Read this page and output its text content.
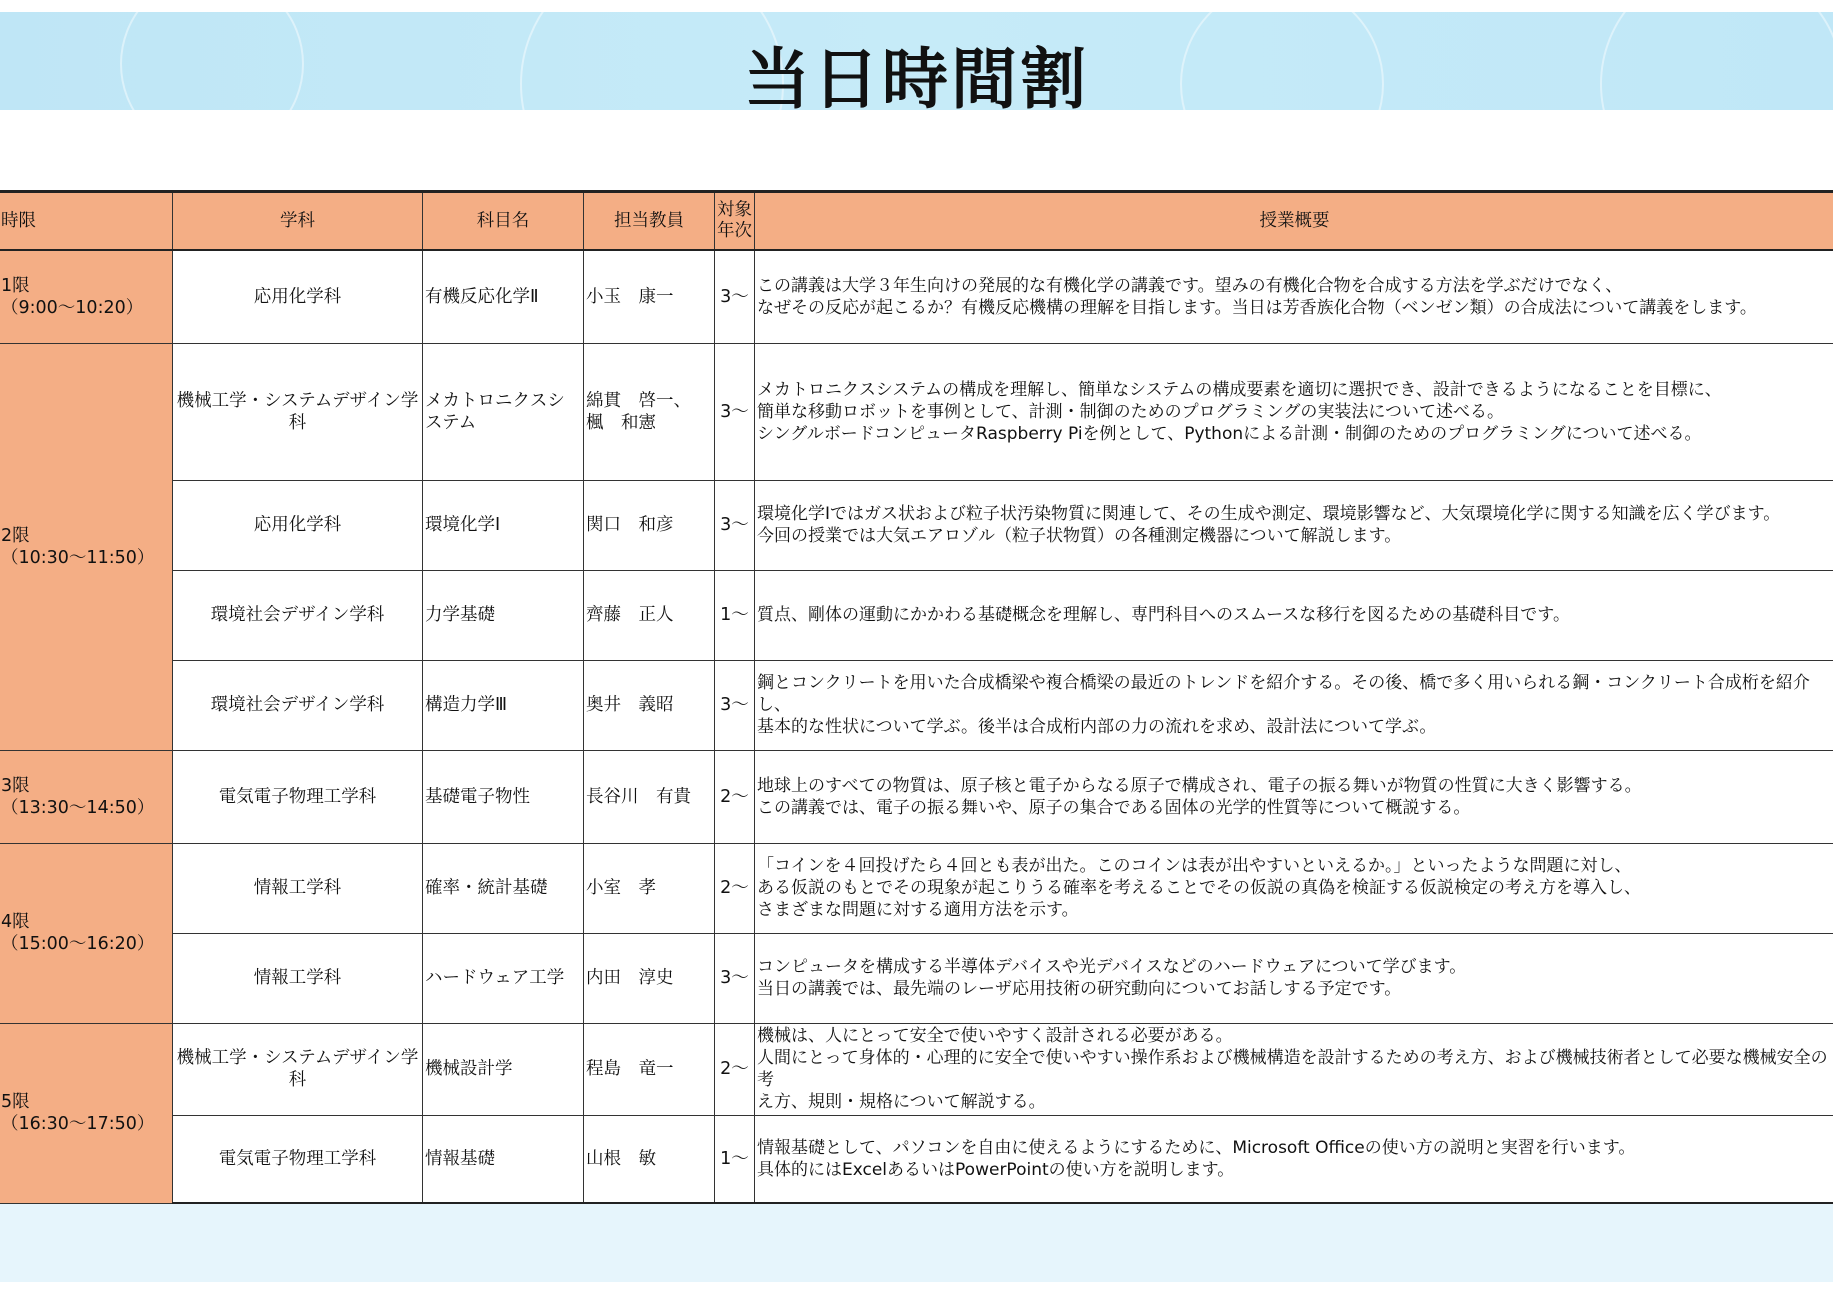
当日時間割
時限	学科	科目名	担当教員	対象年次	授業概要

1限
（9:00～10:20）	応用化学科	有機反応化学Ⅱ	小玉　康一	3～	この講義は大学３年生向けの発展的な有機化学の講義です。望みの有機化合物を合成する方法を学ぶだけでなく、
なぜその反応が起こるか？有機反応機構の理解を目指します。当日は芳香族化合物（ベンゼン類）の合成法について講義をします。

2限
（10:30～11:50）	機械工学・システムデザイン学科	メカトロニクスシステム	綿貫　啓一、
楓　和憲	3～	メカトロニクスシステムの構成を理解し、簡単なシステムの構成要素を適切に選択でき、設計できるようになることを目標に、
簡単な移動ロボットを事例として、計測・制御のためのプログラミングの実装法について述べる。
シングルボードコンピュータRaspberry Piを例として、Pythonによる計測・制御のためのプログラミングについて述べる。
	応用化学科	環境化学Ⅰ	関口　和彦	3～	環境化学Ⅰではガス状および粒子状汚染物質に関連して、その生成や測定、環境影響など、大気環境化学に関する知識を広く学びます。
今回の授業では大気エアロゾル（粒子状物質）の各種測定機器について解説します。
	環境社会デザイン学科	力学基礎	齊藤　正人	1～	質点、剛体の運動にかかわる基礎概念を理解し、専門科目へのスムースな移行を図るための基礎科目です。
	環境社会デザイン学科	構造力学Ⅲ	奥井　義昭	3～	鋼とコンクリートを用いた合成橋梁や複合橋梁の最近のトレンドを紹介する。その後、橋で多く用いられる鋼・コンクリート合成桁を紹介し、
基本的な性状について学ぶ。後半は合成桁内部の力の流れを求め、設計法について学ぶ。

3限
（13:30～14:50）	電気電子物理工学科	基礎電子物性	長谷川　有貴	2～	地球上のすべての物質は、原子核と電子からなる原子で構成され、電子の振る舞いが物質の性質に大きく影響する。
この講義では、電子の振る舞いや、原子の集合である固体の光学的性質等について概説する。

4限
（15:00～16:20）	情報工学科	確率・統計基礎	小室　孝	2～	「コインを４回投げたら４回とも表が出た。このコインは表が出やすいといえるか。」といったような問題に対し、
ある仮説のもとでその現象が起こりうる確率を考えることでその仮説の真偽を検証する仮説検定の考え方を導入し、
さまざまな問題に対する適用方法を示す。
	情報工学科	ハードウェア工学	内田　淳史	3～	コンピュータを構成する半導体デバイスや光デバイスなどのハードウェアについて学びます。
当日の講義では、最先端のレーザ応用技術の研究動向についてお話しする予定です。

5限
（16:30～17:50）	機械工学・システムデザイン学科	機械設計学	程島　竜一	2～	機械は、人にとって安全で使いやすく設計される必要がある。
人間にとって身体的・心理的に安全で使いやすい操作系および機械構造を設計するための考え方、および機械技術者として必要な機械安全の考
え方、規則・規格について解説する。
	電気電子物理工学科	情報基礎	山根　敏	1～	情報基礎として、パソコンを自由に使えるようにするために、Microsoft Officeの使い方の説明と実習を行います。
具体的にはExcelあるいはPowerPointの使い方を説明します。
